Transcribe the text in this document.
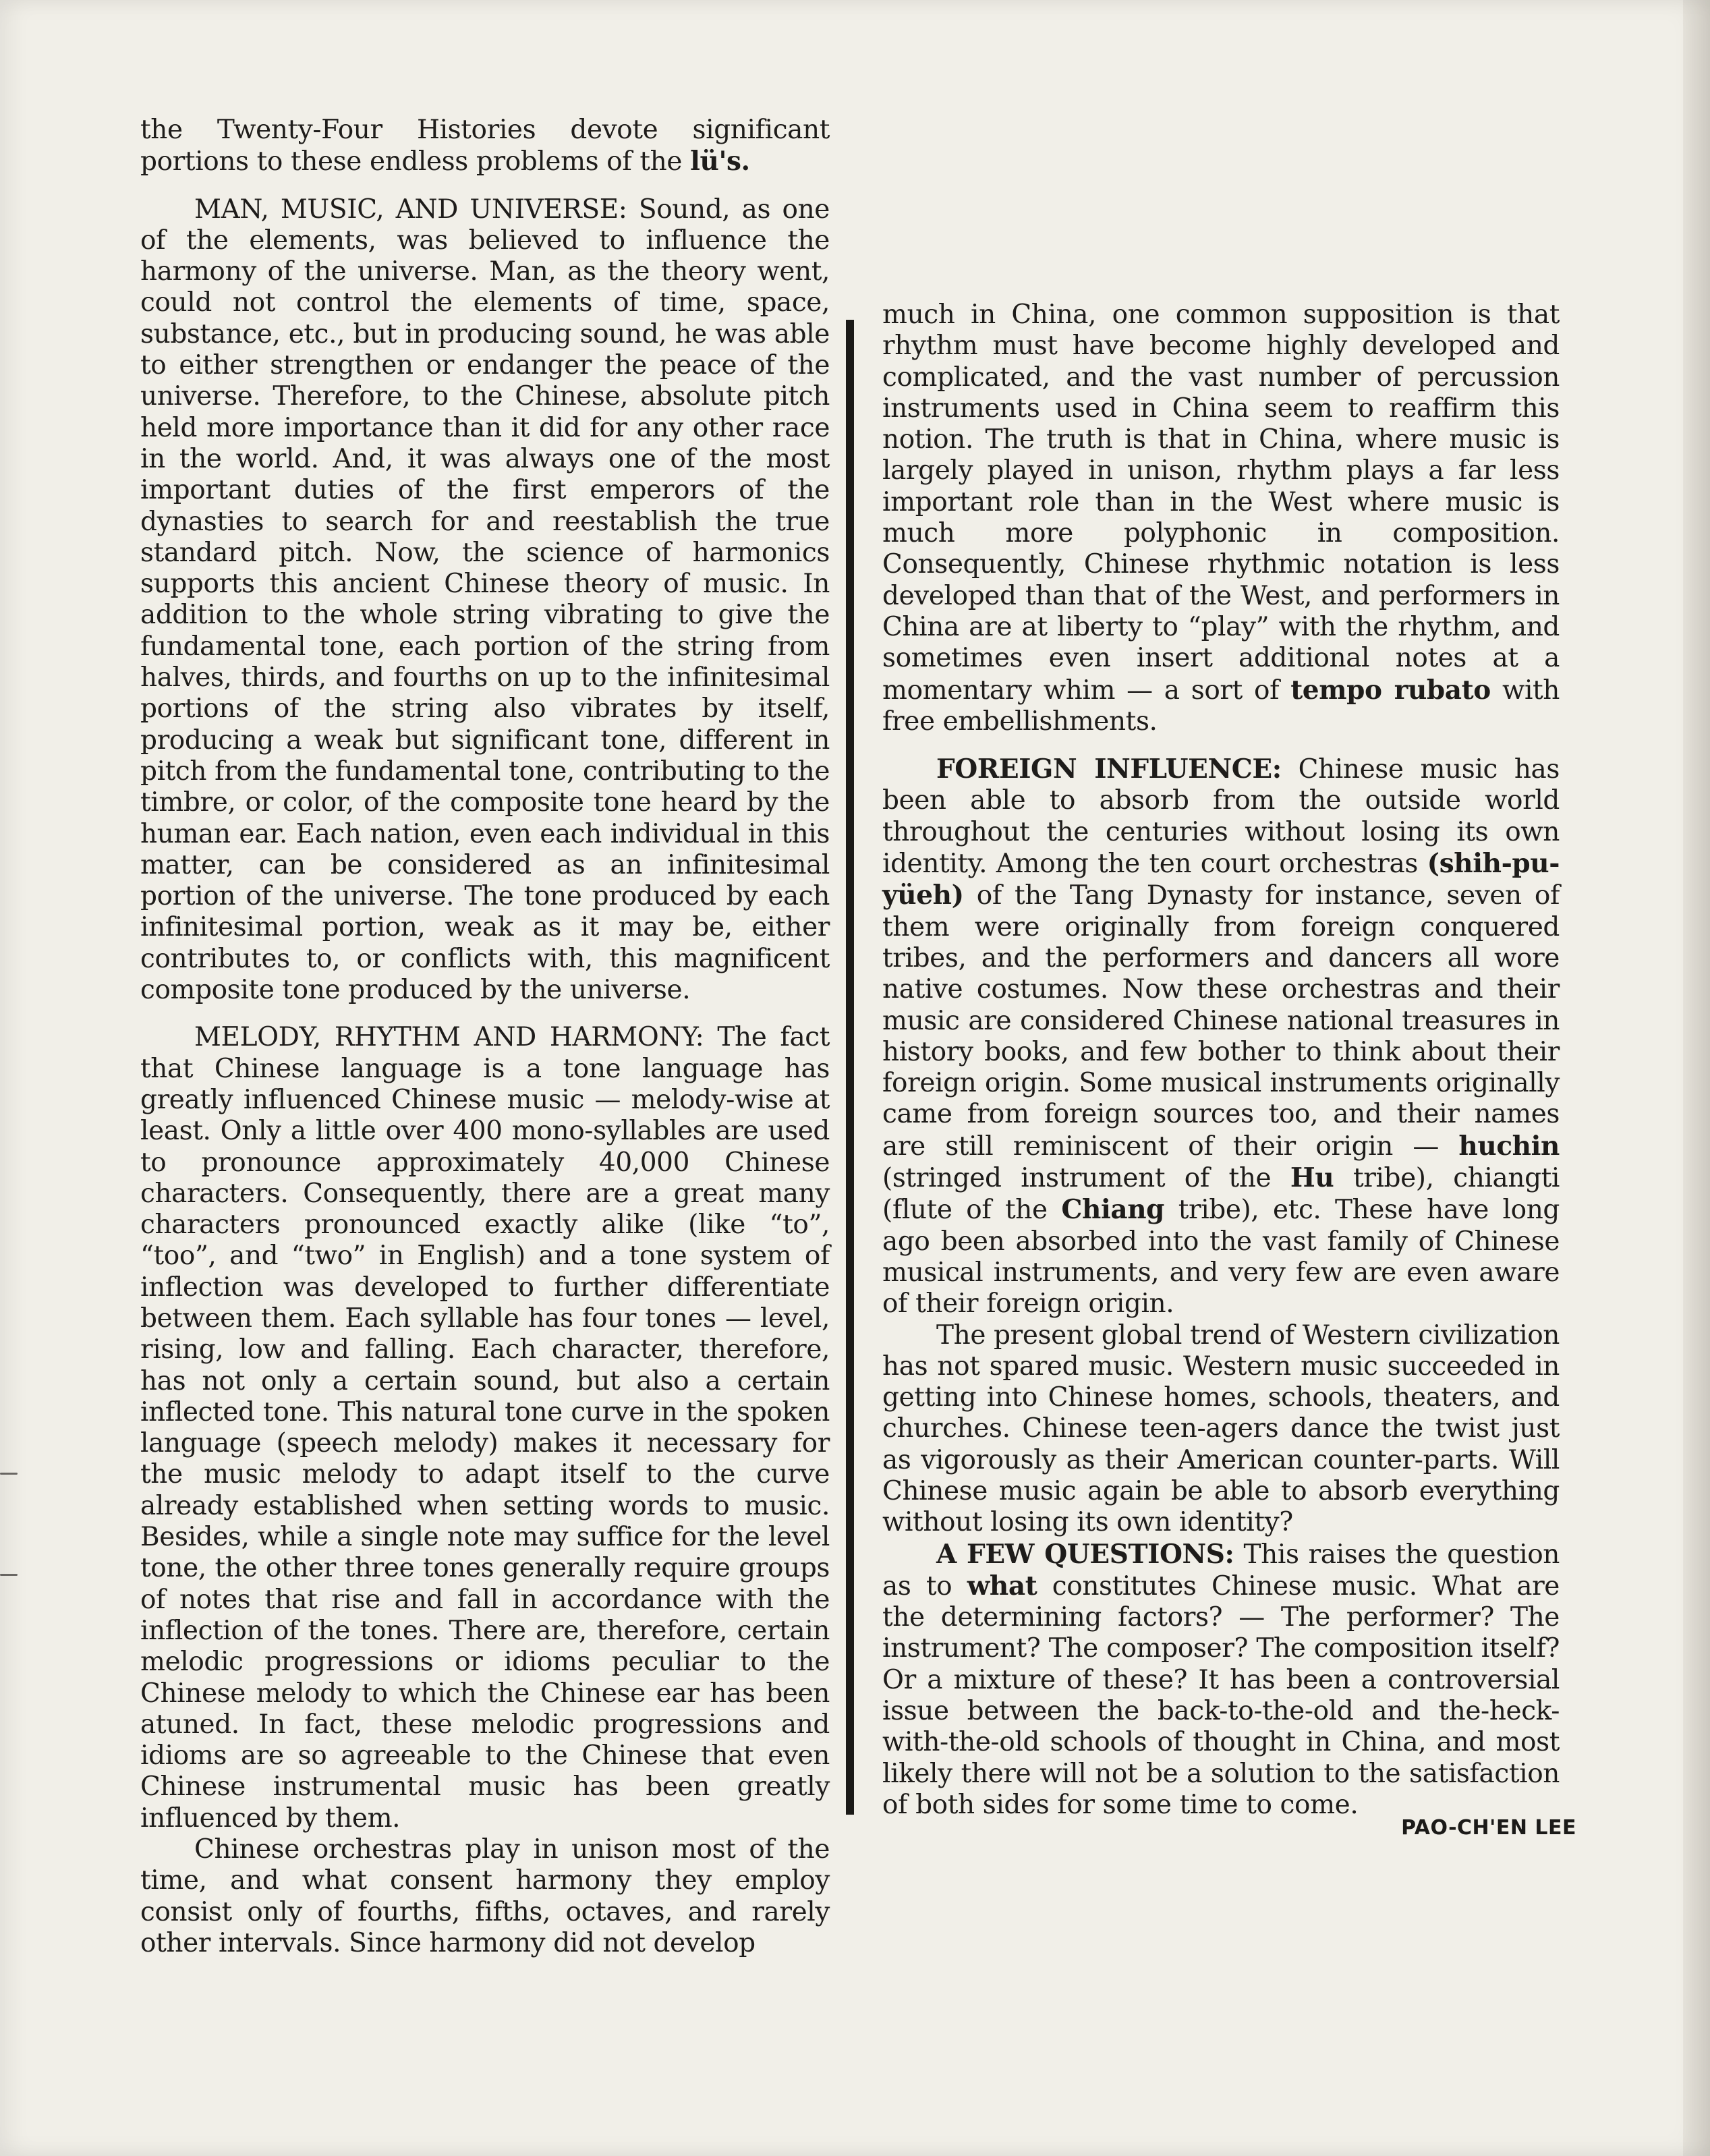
the Twenty-Four Histories devote significant portions to these endless problems of the lü's.

MAN, MUSIC, AND UNIVERSE: Sound, as one of the elements, was believed to influence the harmony of the universe. Man, as the theory went, could not control the elements of time, space, substance, etc., but in producing sound, he was able to either strengthen or endanger the peace of the universe. Therefore, to the Chinese, absolute pitch held more importance than it did for any other race in the world. And, it was always one of the most important duties of the first emperors of the dynasties to search for and reestablish the true standard pitch. Now, the science of harmonics supports this ancient Chinese theory of music. In addition to the whole string vibrating to give the fundamental tone, each portion of the string from halves, thirds, and fourths on up to the infinitesimal portions of the string also vibrates by itself, producing a weak but significant tone, different in pitch from the fundamental tone, contributing to the timbre, or color, of the composite tone heard by the human ear. Each nation, even each individual in this matter, can be considered as an infinitesimal portion of the universe. The tone produced by each infinitesimal portion, weak as it may be, either contributes to, or conflicts with, this magnificent composite tone produced by the universe.

MELODY, RHYTHM AND HARMONY: The fact that Chinese language is a tone language has greatly influenced Chinese music — melody-wise at least. Only a little over 400 mono-syllables are used to pronounce approximately 40,000 Chinese characters. Consequently, there are a great many characters pronounced exactly alike (like “to”, “too”, and “two” in English) and a tone system of inflection was developed to further differentiate between them. Each syllable has four tones — level, rising, low and falling. Each character, therefore, has not only a certain sound, but also a certain inflected tone. This natural tone curve in the spoken language (speech melody) makes it necessary for the music melody to adapt itself to the curve already established when setting words to music. Besides, while a single note may suffice for the level tone, the other three tones generally require groups of notes that rise and fall in accordance with the inflection of the tones. There are, therefore, certain melodic progressions or idioms peculiar to the Chinese melody to which the Chinese ear has been atuned. In fact, these melodic progressions and idioms are so agreeable to the Chinese that even Chinese instrumental music has been greatly influenced by them.

Chinese orchestras play in unison most of the time, and what consent harmony they employ consist only of fourths, fifths, octaves, and rarely other intervals. Since harmony did not develop

much in China, one common supposition is that rhythm must have become highly developed and complicated, and the vast number of percussion instruments used in China seem to reaffirm this notion. The truth is that in China, where music is largely played in unison, rhythm plays a far less important role than in the West where music is much more polyphonic in composition. Consequently, Chinese rhythmic notation is less developed than that of the West, and performers in China are at liberty to “play” with the rhythm, and sometimes even insert additional notes at a momentary whim — a sort of tempo rubato with free embellishments.

FOREIGN INFLUENCE: Chinese music has been able to absorb from the outside world throughout the centuries without losing its own identity. Among the ten court orchestras (shih-pu-yüeh) of the Tang Dynasty for instance, seven of them were originally from foreign conquered tribes, and the performers and dancers all wore native costumes. Now these orchestras and their music are considered Chinese national treasures in history books, and few bother to think about their foreign origin. Some musical instruments originally came from foreign sources too, and their names are still reminiscent of their origin — huchin (stringed instrument of the Hu tribe), chiangti (flute of the Chiang tribe), etc. These have long ago been absorbed into the vast family of Chinese musical instruments, and very few are even aware of their foreign origin.

The present global trend of Western civilization has not spared music. Western music succeeded in getting into Chinese homes, schools, theaters, and churches. Chinese teen-agers dance the twist just as vigorously as their American counter-parts. Will Chinese music again be able to absorb everything without losing its own identity?

A FEW QUESTIONS: This raises the question as to what constitutes Chinese music. What are the determining factors? — The performer? The instrument? The composer? The composition itself? Or a mixture of these? It has been a controversial issue between the back-to-the-old and the-heck-with-the-old schools of thought in China, and most likely there will not be a solution to the satisfaction of both sides for some time to come.

PAO-CH'EN LEE
